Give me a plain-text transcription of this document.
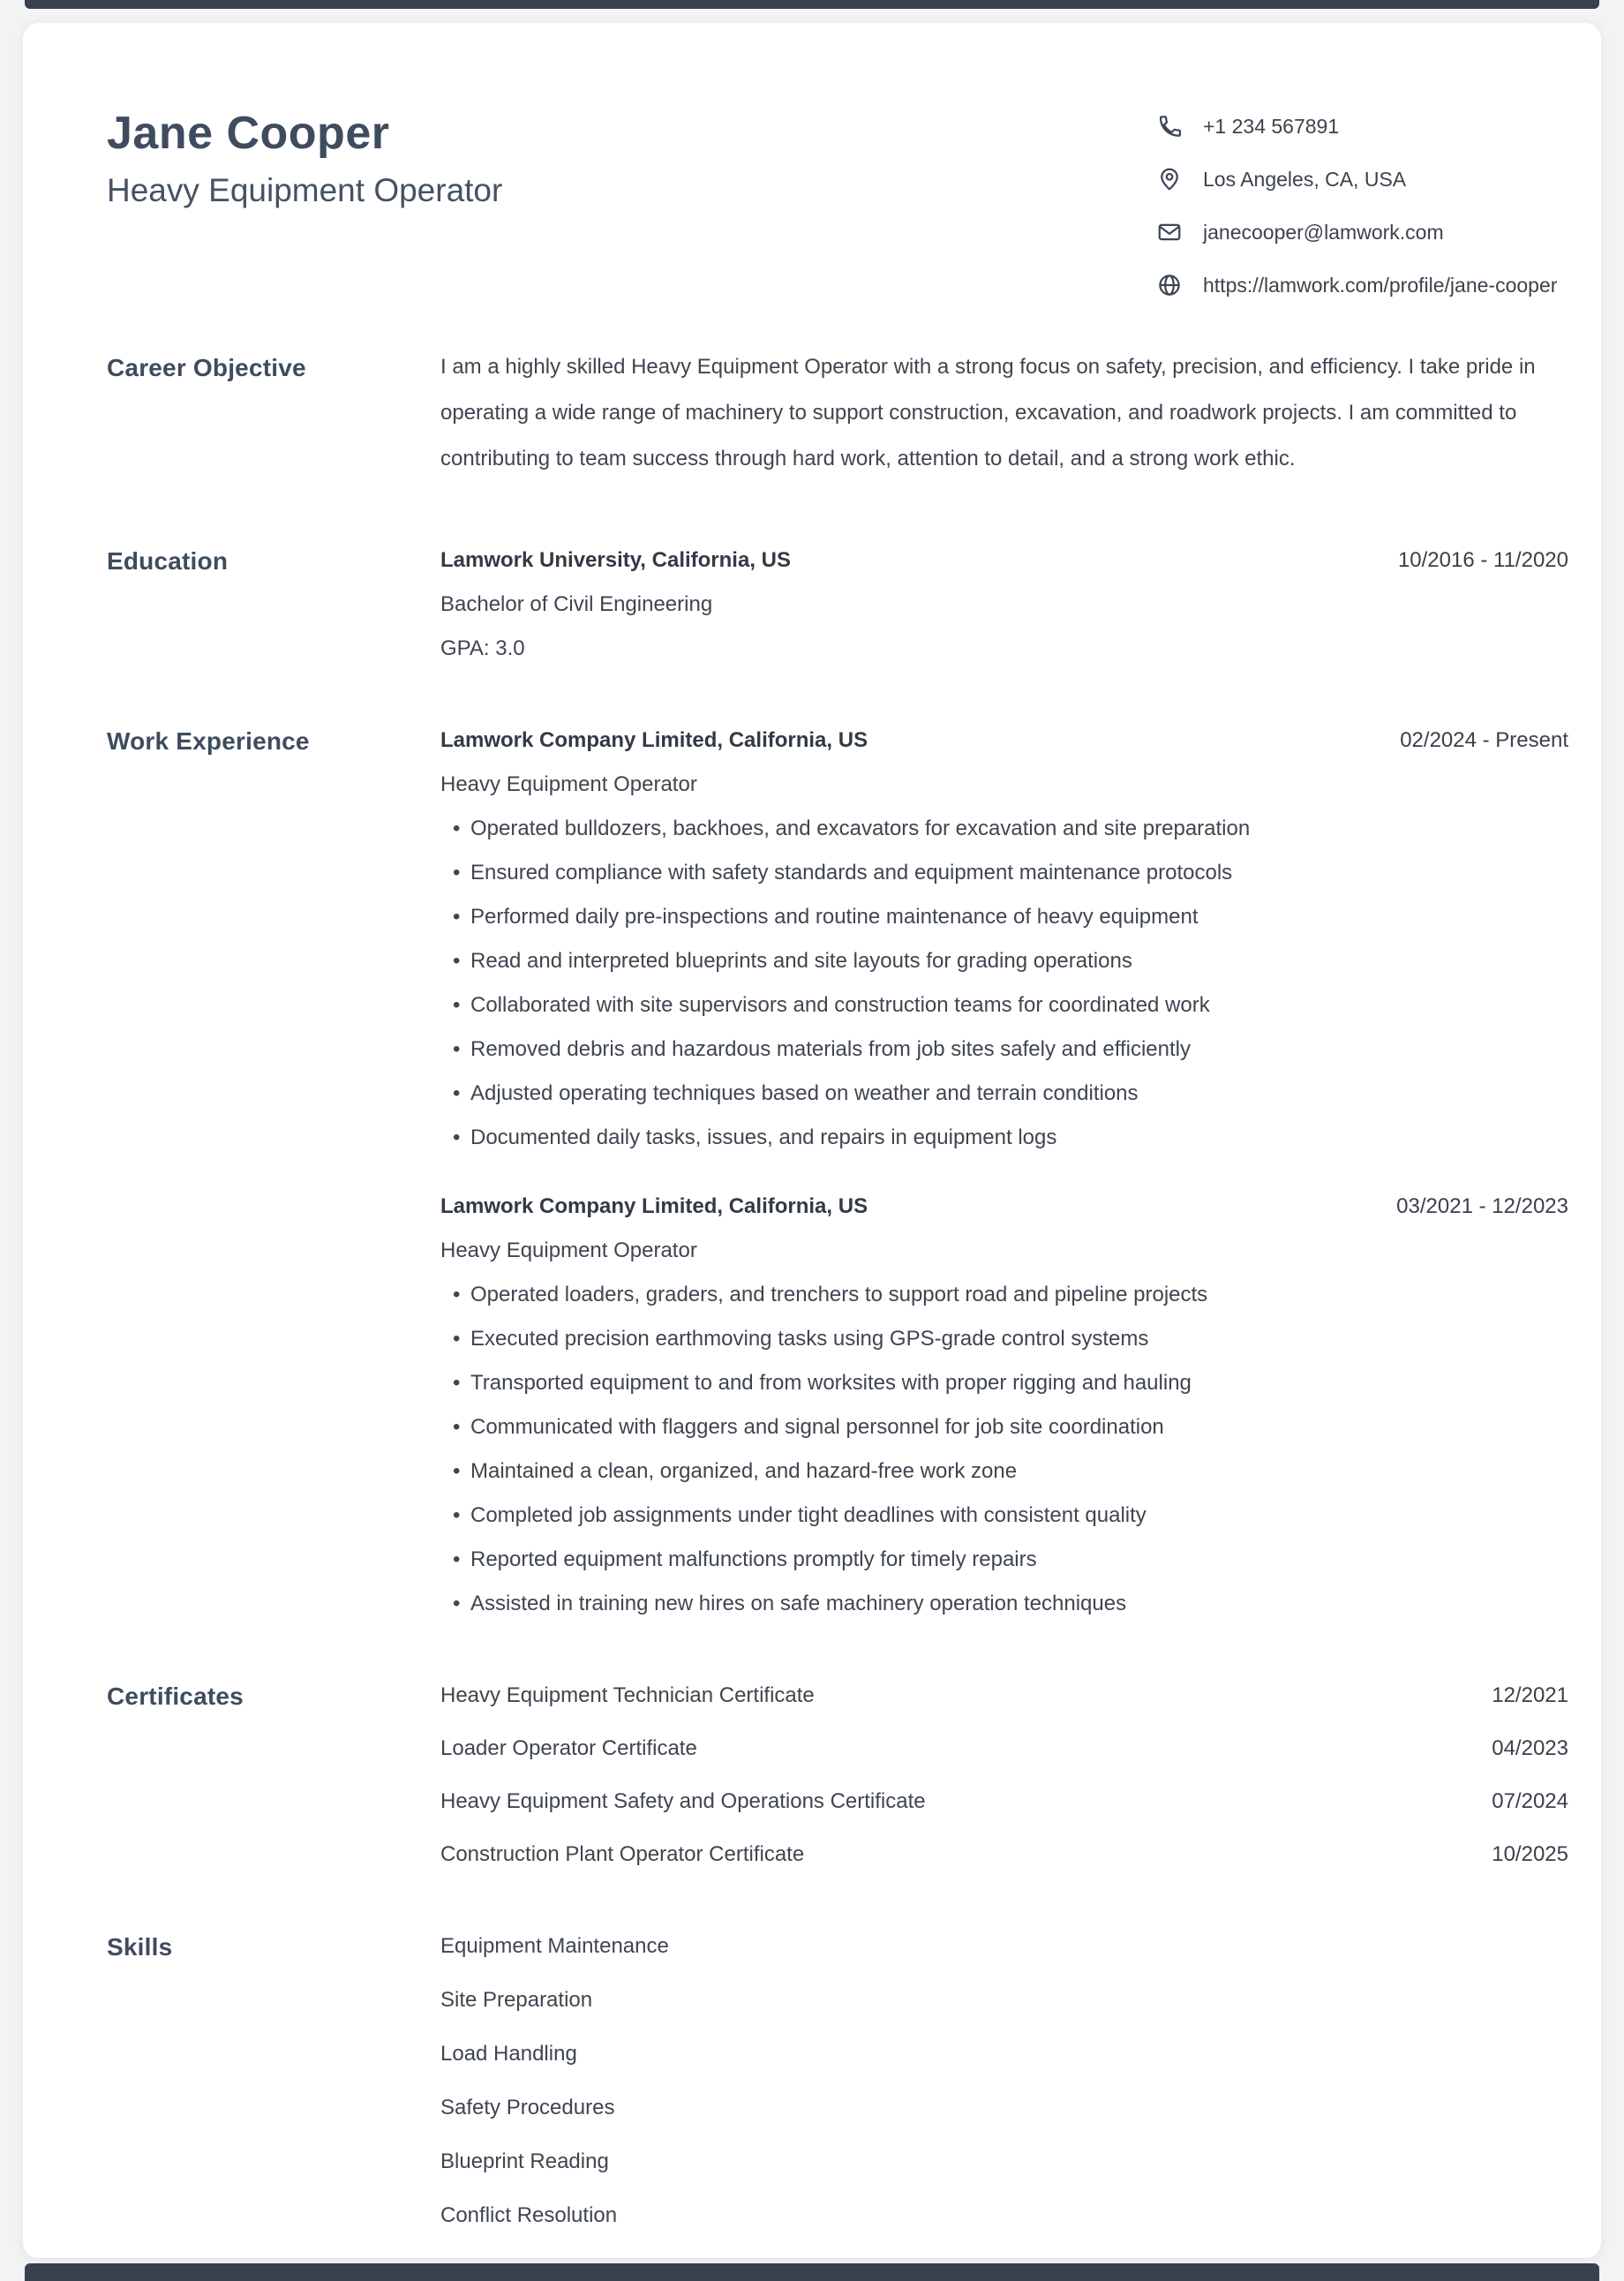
Jane Cooper
Heavy Equipment Operator
+1 234 567891
Los Angeles, CA, USA
janecooper@lamwork.com
https://lamwork.com/profile/jane-cooper
Career Objective	I am a highly skilled Heavy Equipment Operator with a strong focus on safety, precision, and efficiency. I take pride in operating a wide range of machinery to support construction, excavation, and roadwork projects. I am committed to contributing to team success through hard work, attention to detail, and a strong work ethic.

Education	Lamwork University, California, US	10/2016 - 11/2020
Bachelor of Civil Engineering
GPA: 3.0
Work Experience	Lamwork Company Limited, California, US	02/2024 - Present
Heavy Equipment Operator
• Operated bulldozers, backhoes, and excavators for excavation and site preparation
• Ensured compliance with safety standards and equipment maintenance protocols
• Performed daily pre-inspections and routine maintenance of heavy equipment
• Read and interpreted blueprints and site layouts for grading operations
• Collaborated with site supervisors and construction teams for coordinated work
• Removed debris and hazardous materials from job sites safely and efficiently
• Adjusted operating techniques based on weather and terrain conditions
• Documented daily tasks, issues, and repairs in equipment logs
Lamwork Company Limited, California, US	03/2021 - 12/2023
Heavy Equipment Operator
• Operated loaders, graders, and trenchers to support road and pipeline projects
• Executed precision earthmoving tasks using GPS-grade control systems
• Transported equipment to and from worksites with proper rigging and hauling
• Communicated with flaggers and signal personnel for job site coordination
• Maintained a clean, organized, and hazard-free work zone
• Completed job assignments under tight deadlines with consistent quality
• Reported equipment malfunctions promptly for timely repairs
• Assisted in training new hires on safe machinery operation techniques
Certificates	Heavy Equipment Technician Certificate	12/2021
Loader Operator Certificate	04/2023
Heavy Equipment Safety and Operations Certificate	07/2024
Construction Plant Operator Certificate	10/2025
Skills	Equipment Maintenance
Site Preparation
Load Handling
Safety Procedures
Blueprint Reading
Conflict Resolution
